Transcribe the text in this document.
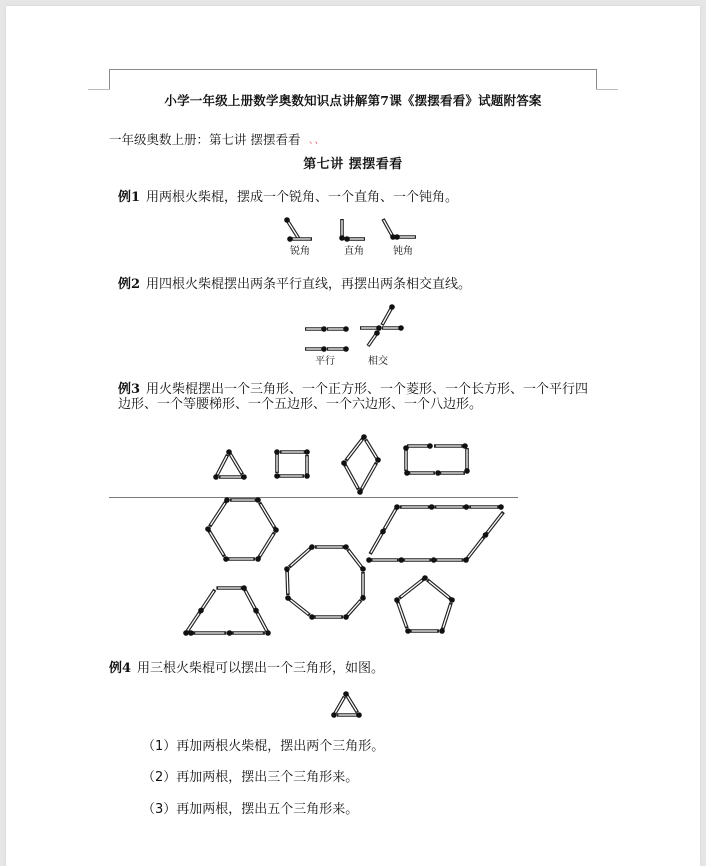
小学一年级上册数学奥数知识点讲解第7课《摆摆看看》试题附答案
一年级奥数上册：第七讲 摆摆看看 、、
第七讲 摆摆看看
例1 用两根火柴棍，摆成一个锐角、一个直角、一个钝角。
锐角	直角	钝角
例2 用四根火柴棍摆出两条平行直线，再摆出两条相交直线。
平行	相交
例3 用火柴棍摆出一个三角形、一个正方形、一个菱形、一个长方形、一个平行四边形、一个等腰梯形、一个五边形、一个六边形、一个八边形。
例4 用三根火柴棍可以摆出一个三角形，如图。
（1）再加两根火柴棍，摆出两个三角形。
（2）再加两根，摆出三个三角形来。
（3）再加两根，摆出五个三角形来。
